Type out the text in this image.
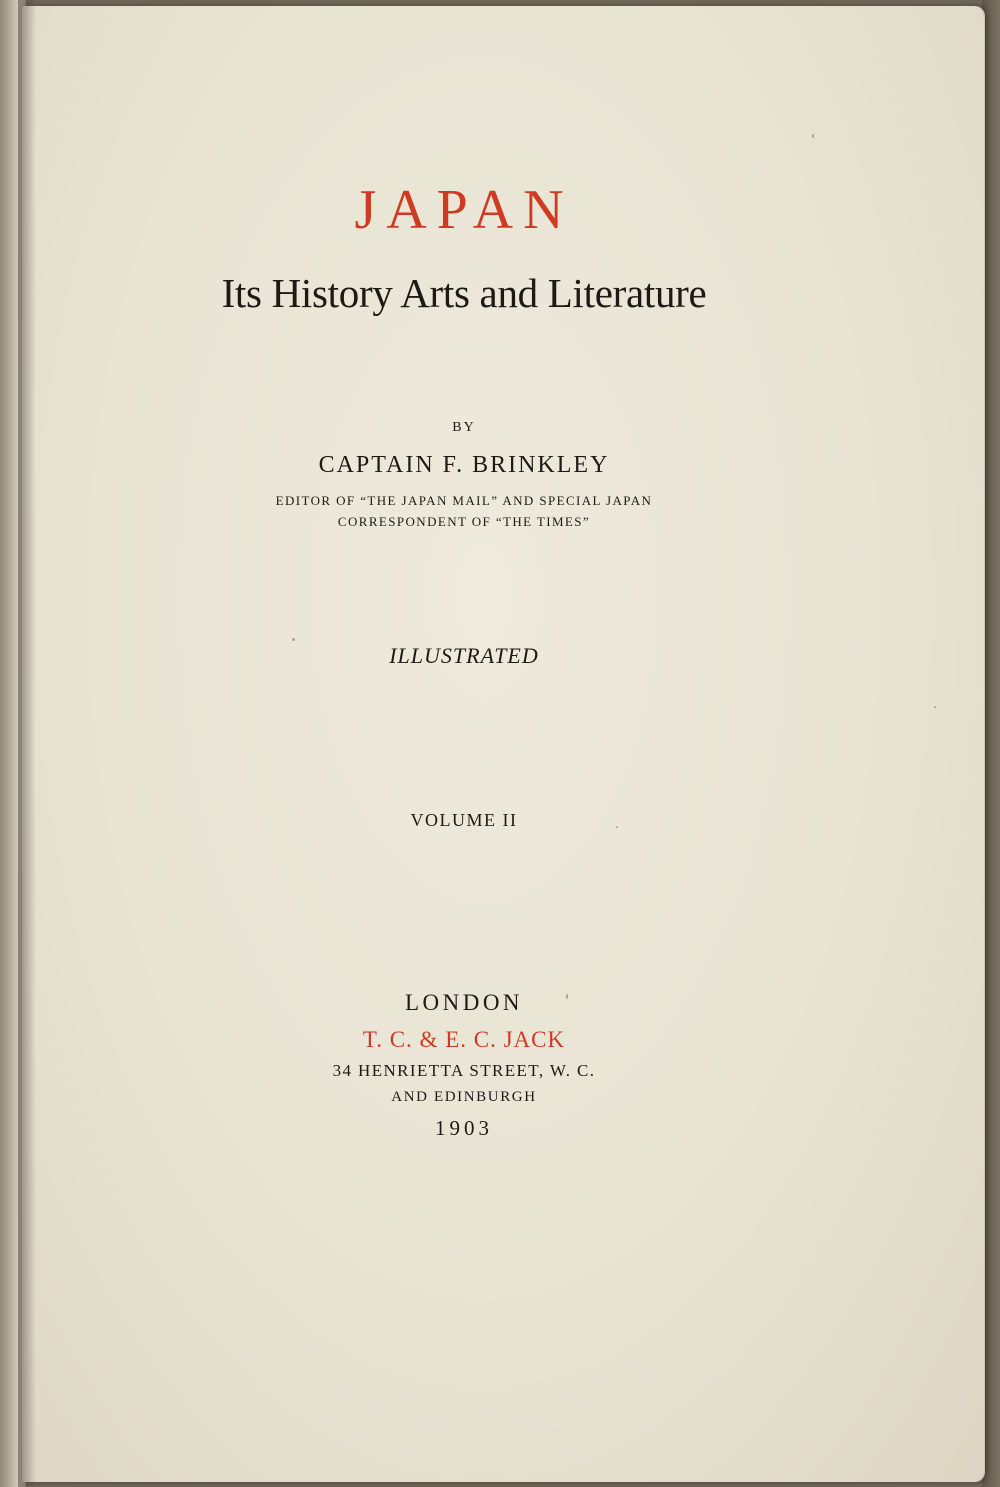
JAPAN
Its History Arts and Literature
BY
CAPTAIN F. BRINKLEY
EDITOR OF “THE JAPAN MAIL” AND SPECIAL JAPAN
CORRESPONDENT OF “THE TIMES”
ILLUSTRATED
VOLUME II
LONDON
T. C. & E. C. JACK
34 HENRIETTA STREET, W. C.
AND EDINBURGH
1903
